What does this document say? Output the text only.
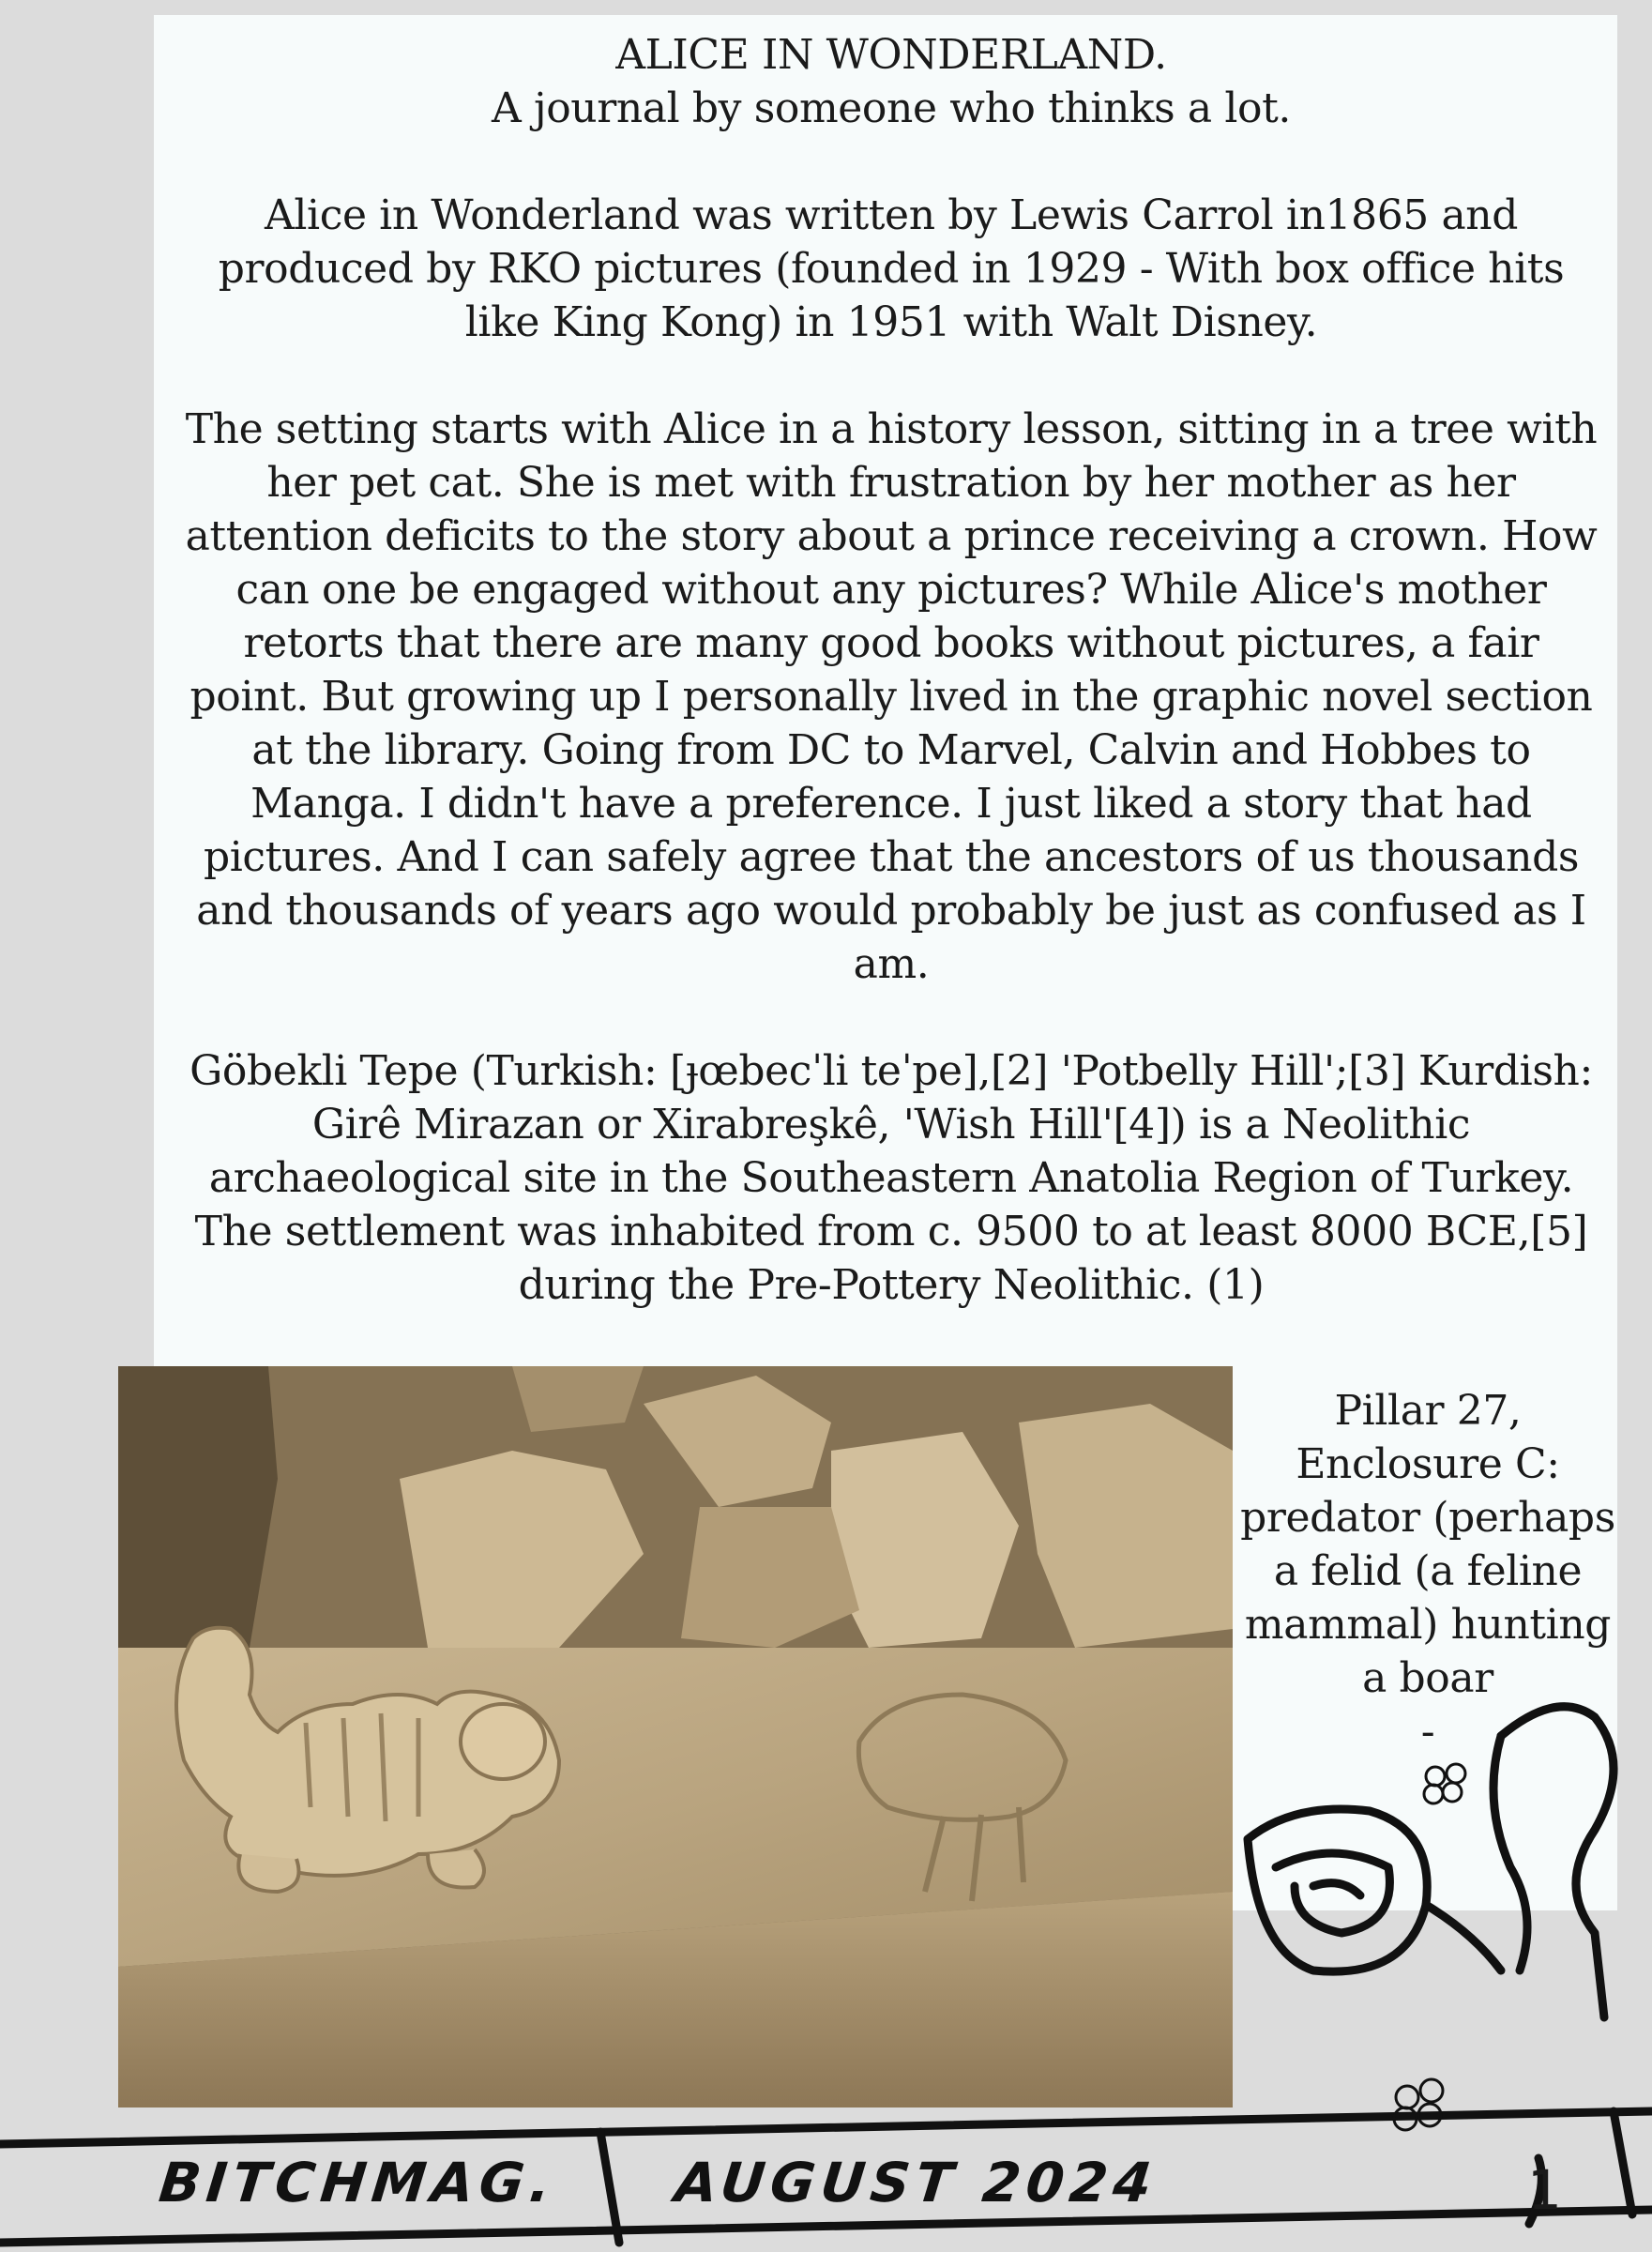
ALICE IN WONDERLAND.
A journal by someone who thinks a lot.

Alice in Wonderland was written by Lewis Carrol in1865 and produced by RKO pictures (founded in 1929 - With box office hits like King Kong) in 1951 with Walt Disney.

The setting starts with Alice in a history lesson, sitting in a tree with her pet cat. She is met with frustration by her mother as her attention deficits to the story about a prince receiving a crown. How can one be engaged without any pictures? While Alice's mother retorts that there are many good books without pictures, a fair point. But growing up I personally lived in the graphic novel section at the library. Going from DC to Marvel, Calvin and Hobbes to Manga. I didn't have a preference. I just liked a story that had pictures. And I can safely agree that the ancestors of us thousands and thousands of years ago would probably be just as confused as I am.

Göbekli Tepe (Turkish: [ɟœbecˈli teˈpe],[2] 'Potbelly Hill';[3] Kurdish: Girê Mirazan or Xirabreşkê, 'Wish Hill'[4]) is a Neolithic archaeological site in the Southeastern Anatolia Region of Turkey. The settlement was inhabited from c. 9500 to at least 8000 BCE,[5] during the Pre-Pottery Neolithic. (1)

Pillar 27, Enclosure C: predator (perhaps a felid (a feline mammal) hunting a boar
-
BITCHMAG. AUGUST 2024	1
